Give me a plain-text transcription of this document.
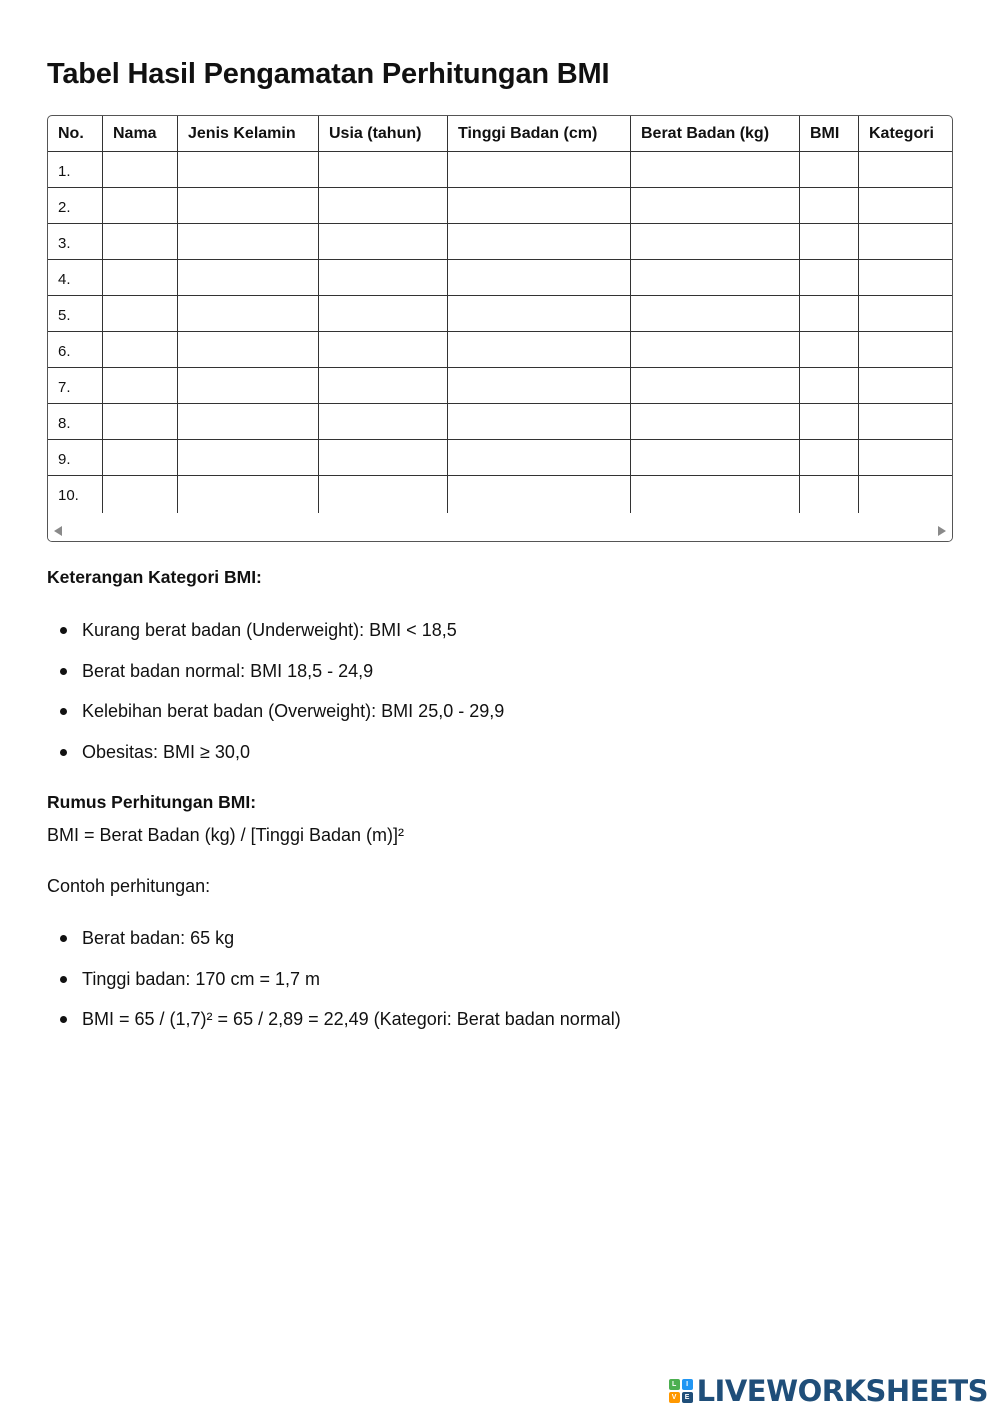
Tabel Hasil Pengamatan Perhitungan BMI
No.	Nama	Jenis Kelamin	Usia (tahun)	Tinggi Badan (cm)	Berat Badan (kg)	BMI	Kategori
1.							
2.							
3.							
4.							
5.							
6.							
7.							
8.							
9.							
10.							

Keterangan Kategori BMI:

Kurang berat badan (Underweight): BMI < 18,5
Berat badan normal: BMI 18,5 - 24,9
Kelebihan berat badan (Overweight): BMI 25,0 - 29,9
Obesitas: BMI ≥ 30,0

Rumus Perhitungan BMI:

BMI = Berat Badan (kg) / [Tinggi Badan (m)]²

Contoh perhitungan:

Berat badan: 65 kg
Tinggi badan: 170 cm = 1,7 m
BMI = 65 / (1,7)² = 65 / 2,89 = 22,49 (Kategori: Berat badan normal)
L	I
V	E LIVEWORKSHEETS
